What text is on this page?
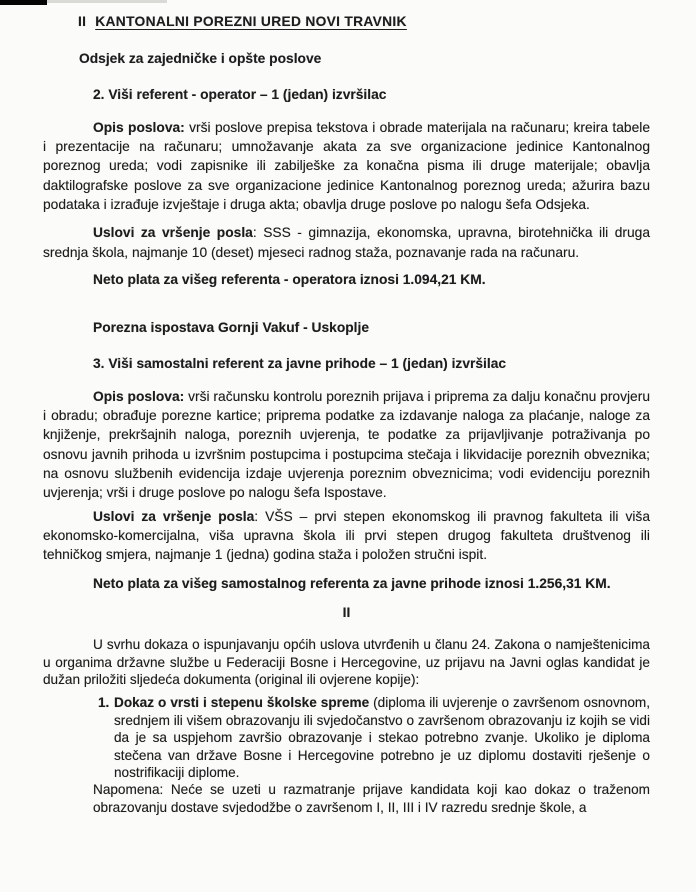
II KANTONALNI POREZNI URED NOVI TRAVNIK

Odsjek za zajedničke i opšte poslove

2. Viši referent - operator – 1 (jedan) izvršilac

Opis poslova: vrši poslove prepisa tekstova i obrade materijala na računaru; kreira tabele i prezentacije na računaru; umnožavanje akata za sve organizacione jedinice Kantonalnog poreznog ureda; vodi zapisnike ili zabilješke za konačna pisma ili druge materijale; obavlja daktilografske poslove za sve organizacione jedinice Kantonalnog poreznog ureda; ažurira bazu podataka i izrađuje izvještaje i druga akta; obavlja druge poslove po nalogu šefa Odsjeka.

Uslovi za vršenje posla: SSS - gimnazija, ekonomska, upravna, birotehnička ili druga srednja škola, najmanje 10 (deset) mjeseci radnog staža, poznavanje rada na računaru.

Neto plata za višeg referenta - operatora iznosi 1.094,21 KM.

Porezna ispostava Gornji Vakuf - Uskoplje

3. Viši samostalni referent za javne prihode – 1 (jedan) izvršilac

Opis poslova: vrši računsku kontrolu poreznih prijava i priprema za dalju konačnu provjeru i obradu; obrađuje porezne kartice; priprema podatke za izdavanje naloga za plaćanje, naloge za knjiženje, prekršajnih naloga, poreznih uvjerenja, te podatke za prijavljivanje potraživanja po osnovu javnih prihoda u izvršnim postupcima i postupcima stečaja i likvidacije poreznih obveznika; na osnovu službenih evidencija izdaje uvjerenja poreznim obveznicima; vodi evidenciju poreznih uvjerenja; vrši i druge poslove po nalogu šefa Ispostave.

Uslovi za vršenje posla: VŠS – prvi stepen ekonomskog ili pravnog fakulteta ili viša ekonomsko-komercijalna, viša upravna škola ili prvi stepen drugog fakulteta društvenog ili tehničkog smjera, najmanje 1 (jedna) godina staža i položen stručni ispit.

Neto plata za višeg samostalnog referenta za javne prihode iznosi 1.256,31 KM.

II

U svrhu dokaza o ispunjavanju općih uslova utvrđenih u članu 24. Zakona o namještenicima u organima državne službe u Federaciji Bosne i Hercegovine, uz prijavu na Javni oglas kandidat je dužan priložiti sljedeća dokumenta (original ili ovjerene kopije):

1. Dokaz o vrsti i stepenu školske spreme (diploma ili uvjerenje o završenom osnovnom, srednjem ili višem obrazovanju ili svjedočanstvo o završenom obrazovanju iz kojih se vidi da je sa uspjehom završio obrazovanje i stekao potrebno zvanje. Ukoliko je diploma stečena van države Bosne i Hercegovine potrebno je uz diplomu dostaviti rješenje o nostrifikaciji diplome.

Napomena: Neće se uzeti u razmatranje prijave kandidata koji kao dokaz o traženom obrazovanju dostave svjedodžbe o završenom I, II, III i IV razredu srednje škole, a
